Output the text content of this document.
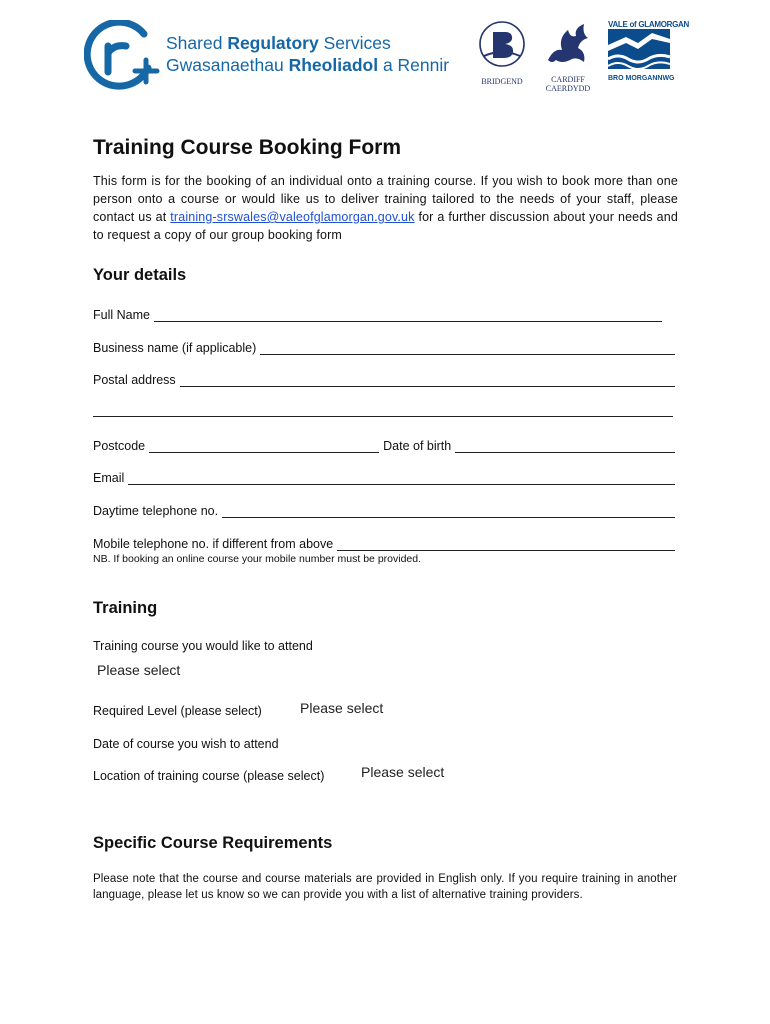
Shared Regulatory Services
Gwasanaethau Rheoliadol a Rennir
BRIDGEND	CARDIFF
CAERDYDD
VALE of GLAMORGAN
BRO MORGANNWG
Training Course Booking Form

This form is for the booking of an individual onto a training course. If you wish to book more than one person onto a course or would like us to deliver training tailored to the needs of your staff, please contact us at training-srswales@valeofglamorgan.gov.uk for a further discussion about your needs and to request a copy of our group booking form

Your details
Full Name
Business name (if applicable)
Postal address
Postcode	Date of birth
Email
Daytime telephone no.
Mobile telephone no. if different from above
NB. If booking an online course your mobile number must be provided.
Training
Training course you would like to attend
Please select
Required Level (please select)	Please select
Date of course you wish to attend
Location of training course (please select)	Please select
Specific Course Requirements
Please note that the course and course materials are provided in English only. If you require training in another language, please let us know so we can provide you with a list of alternative training providers.
